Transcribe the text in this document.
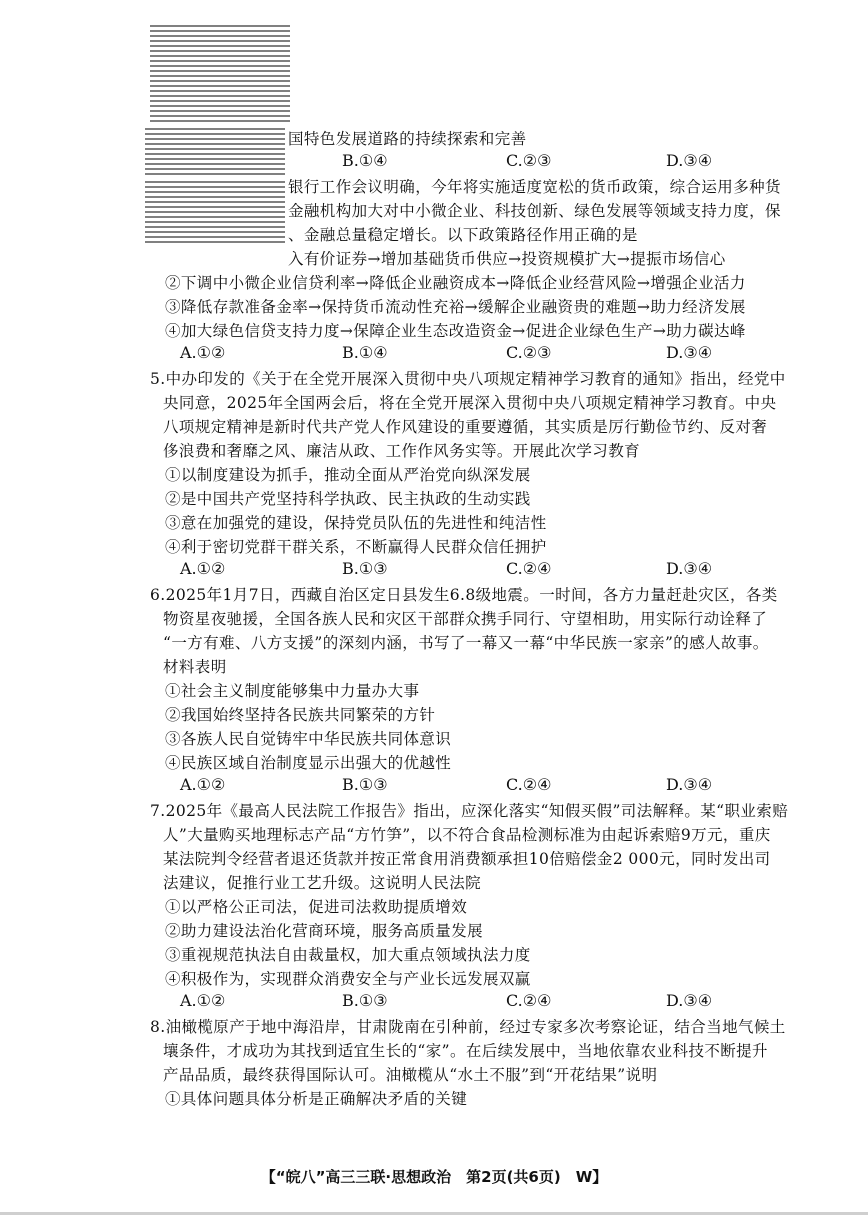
国特色发展道路的持续探索和完善
B.①④	C.②③	D.③④
银行工作会议明确，今年将实施适度宽松的货币政策，综合运用多种货
金融机构加大对中小微企业、科技创新、绿色发展等领域支持力度，保
、金融总量稳定增长。以下政策路径作用正确的是
入有价证券→增加基础货币供应→投资规模扩大→提振市场信心
②下调中小微企业信贷利率→降低企业融资成本→降低企业经营风险→增强企业活力
③降低存款准备金率→保持货币流动性充裕→缓解企业融资贵的难题→助力经济发展
④加大绿色信贷支持力度→保障企业生态改造资金→促进企业绿色生产→助力碳达峰
A.①②	B.①④	C.②③	D.③④
5.中办印发的《关于在全党开展深入贯彻中央八项规定精神学习教育的通知》指出，经党中
央同意，2025年全国两会后，将在全党开展深入贯彻中央八项规定精神学习教育。中央
八项规定精神是新时代共产党人作风建设的重要遵循，其实质是厉行勤俭节约、反对奢
侈浪费和奢靡之风、廉洁从政、工作作风务实等。开展此次学习教育
①以制度建设为抓手，推动全面从严治党向纵深发展
②是中国共产党坚持科学执政、民主执政的生动实践
③意在加强党的建设，保持党员队伍的先进性和纯洁性
④利于密切党群干群关系，不断赢得人民群众信任拥护
A.①②	B.①③	C.②④	D.③④
6.2025年1月7日，西藏自治区定日县发生6.8级地震。一时间，各方力量赶赴灾区，各类
物资星夜驰援，全国各族人民和灾区干部群众携手同行、守望相助，用实际行动诠释了
“一方有难、八方支援”的深刻内涵，书写了一幕又一幕“中华民族一家亲”的感人故事。
材料表明
①社会主义制度能够集中力量办大事
②我国始终坚持各民族共同繁荣的方针
③各族人民自觉铸牢中华民族共同体意识
④民族区域自治制度显示出强大的优越性
A.①②	B.①③	C.②④	D.③④
7.2025年《最高人民法院工作报告》指出，应深化落实“知假买假”司法解释。某“职业索赔
人”大量购买地理标志产品“方竹笋”，以不符合食品检测标准为由起诉索赔9万元，重庆
某法院判令经营者退还货款并按正常食用消费额承担10倍赔偿金2 000元，同时发出司
法建议，促推行业工艺升级。这说明人民法院
①以严格公正司法，促进司法救助提质增效
②助力建设法治化营商环境，服务高质量发展
③重视规范执法自由裁量权，加大重点领域执法力度
④积极作为，实现群众消费安全与产业长远发展双赢
A.①②	B.①③	C.②④	D.③④
8.油橄榄原产于地中海沿岸，甘肃陇南在引种前，经过专家多次考察论证，结合当地气候土
壤条件，才成功为其找到适宜生长的“家”。在后续发展中，当地依靠农业科技不断提升
产品品质，最终获得国际认可。油橄榄从“水土不服”到“开花结果”说明
①具体问题具体分析是正确解决矛盾的关键
【“皖八”高三三联·思想政治　第2页(共6页)　W】
